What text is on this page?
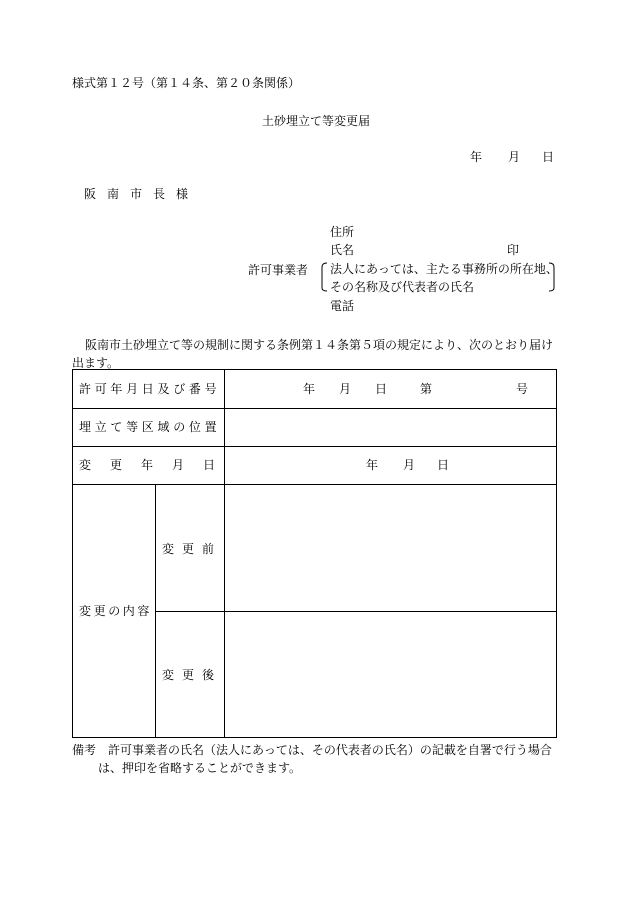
様式第１２号（第１４条、第２０条関係）
土砂埋立て等変更届
年 月 日
阪南市長様
住所
氏名	印
許可事業者 法人にあっては、主たる事務所の所在地、
その名称及び代表者の氏名
電話
阪南市土砂埋立て等の規制に関する条例第１４条第５項の規定により、次のとおり届け出ます。
許可年月日及び番号	年 月 日	第	号
埋立て等区域の位置
変更年月日	年 月 日
変更の内容
変更前
変更後
備考　許可事業者の氏名（法人にあっては、その代表者の氏名）の記載を自署で行う場合
は、押印を省略することができます。
